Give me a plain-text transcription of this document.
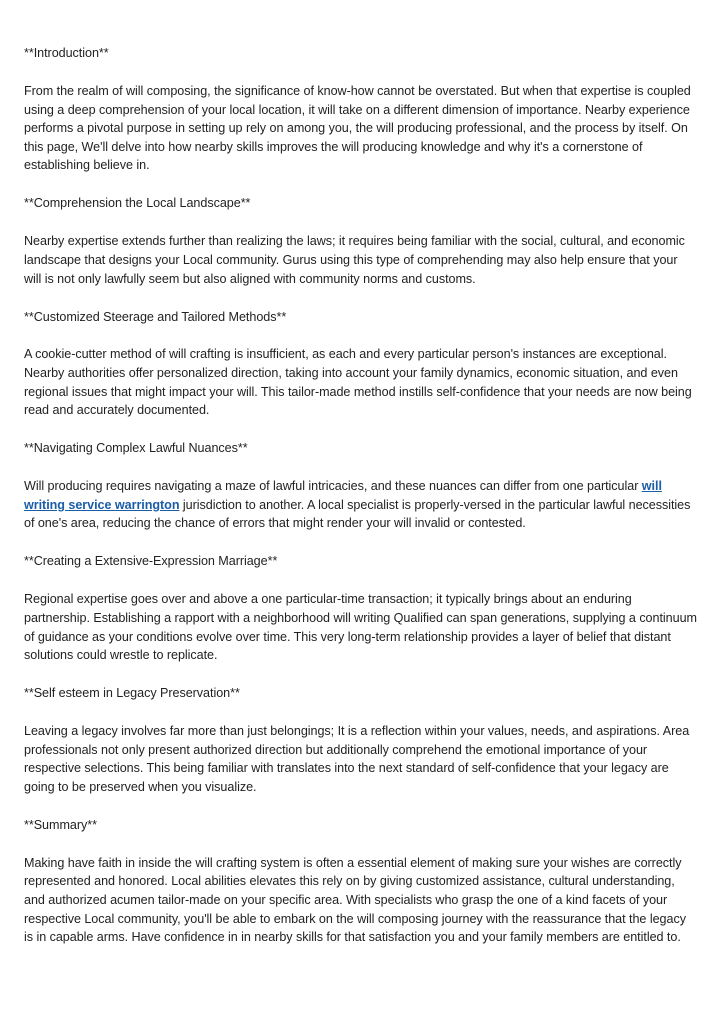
**Introduction**

From the realm of will composing, the significance of know-how cannot be overstated. But when that expertise is coupled using a deep comprehension of your local location, it will take on a different dimension of importance. Nearby experience performs a pivotal purpose in setting up rely on among you, the will producing professional, and the process by itself. On this page, We'll delve into how nearby skills improves the will producing knowledge and why it's a cornerstone of establishing believe in.

**Comprehension the Local Landscape**

Nearby expertise extends further than realizing the laws; it requires being familiar with the social, cultural, and economic landscape that designs your Local community. Gurus using this type of comprehending may also help ensure that your will is not only lawfully seem but also aligned with community norms and customs.

**Customized Steerage and Tailored Methods**

A cookie-cutter method of will crafting is insufficient, as each and every particular person's instances are exceptional. Nearby authorities offer personalized direction, taking into account your family dynamics, economic situation, and even regional issues that might impact your will. This tailor-made method instills self-confidence that your needs are now being read and accurately documented.

**Navigating Complex Lawful Nuances**

Will producing requires navigating a maze of lawful intricacies, and these nuances can differ from one particular will writing service warrington jurisdiction to another. A local specialist is properly-versed in the particular lawful necessities of one's area, reducing the chance of errors that might render your will invalid or contested.

**Creating a Extensive-Expression Marriage**

Regional expertise goes over and above a one particular-time transaction; it typically brings about an enduring partnership. Establishing a rapport with a neighborhood will writing Qualified can span generations, supplying a continuum of guidance as your conditions evolve over time. This very long-term relationship provides a layer of belief that distant solutions could wrestle to replicate.

**Self esteem in Legacy Preservation**

Leaving a legacy involves far more than just belongings; It is a reflection within your values, needs, and aspirations. Area professionals not only present authorized direction but additionally comprehend the emotional importance of your respective selections. This being familiar with translates into the next standard of self-confidence that your legacy are going to be preserved when you visualize.

**Summary**

Making have faith in inside the will crafting system is often a essential element of making sure your wishes are correctly represented and honored. Local abilities elevates this rely on by giving customized assistance, cultural understanding, and authorized acumen tailor-made on your specific area. With specialists who grasp the one of a kind facets of your respective Local community, you'll be able to embark on the will composing journey with the reassurance that the legacy is in capable arms. Have confidence in in nearby skills for that satisfaction you and your family members are entitled to.
